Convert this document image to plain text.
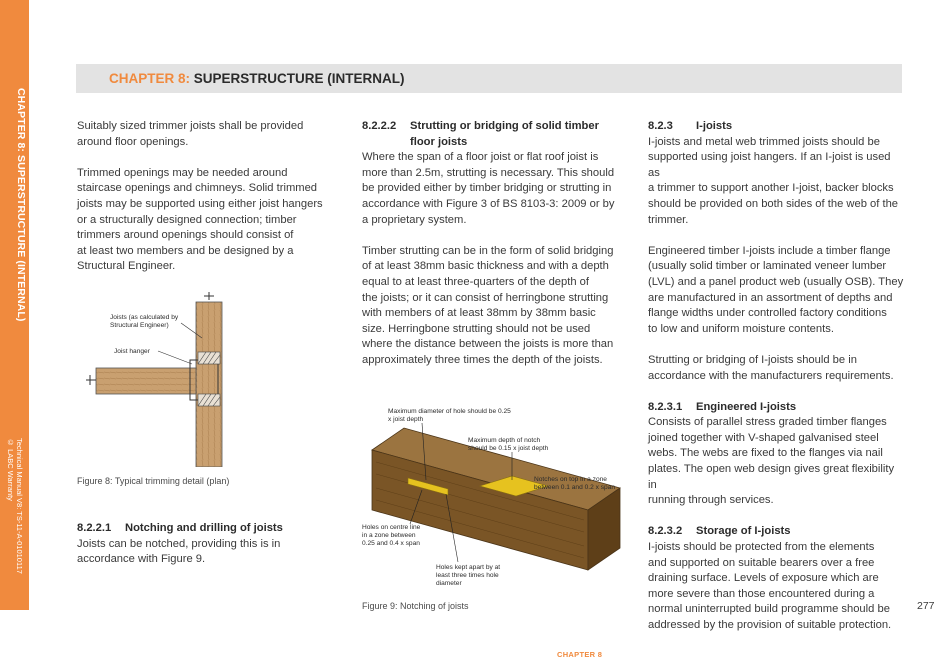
CHAPTER 8: SUPERSTRUCTURE (INTERNAL)
Technical Manual V8: TS-11-A-01010117
© LABC Warranty
CHAPTER 8: SUPERSTRUCTURE (INTERNAL)

Suitably sized trimmer joists shall be provided
around floor openings.

Trimmed openings may be needed around
staircase openings and chimneys. Solid trimmed
joists may be supported using either joist hangers
or a structurally designed connection; timber
trimmers around openings should consist of
at least two members and be designed by a
Structural Engineer.

Joists (as calculated by
Structural Engineer)
Joist hanger
Figure 8: Typical trimming detail (plan)

8.2.2.1 Notching and drilling of joists

Joists can be notched, providing this is in
accordance with Figure 9.

8.2.2.2 Strutting or bridging of solid timber

floor joists

Where the span of a floor joist or flat roof joist is
more than 2.5m, strutting is necessary. This should
be provided either by timber bridging or strutting in
accordance with Figure 3 of BS 8103-3: 2009 or by
a proprietary system.

Timber strutting can be in the form of solid bridging
of at least 38mm basic thickness and with a depth
equal to at least three-quarters of the depth of
the joists; or it can consist of herringbone strutting
with members of at least 38mm by 38mm basic
size. Herringbone strutting should not be used
where the distance between the joists is more than
approximately three times the depth of the joists.

Maximum diameter of hole should be 0.25
x joist depth
Maximum depth of notch
should be 0.15 x joist depth
Notches on top in a zone
between 0.1 and 0.2 x span
Holes on centre line
in a zone between
0.25 and 0.4 x span
Holes kept apart by at
least three times hole
diameter
Figure 9: Notching of joists

8.2.3 I-joists

I-joists and metal web trimmed joists should be
supported using joist hangers. If an I-joist is used as
a trimmer to support another I-joist, backer blocks
should be provided on both sides of the web of the
trimmer.

Engineered timber I-joists include a timber flange
(usually solid timber or laminated veneer lumber
(LVL) and a panel product web (usually OSB). They
are manufactured in an assortment of depths and
flange widths under controlled factory conditions
to low and uniform moisture contents.

Strutting or bridging of I-joists should be in
accordance with the manufacturers requirements.

8.2.3.1 Engineered I-joists

Consists of parallel stress graded timber flanges
joined together with V-shaped galvanised steel
webs. The webs are fixed to the flanges via nail
plates. The open web design gives great flexibility in
running through services.

8.2.3.2 Storage of I-joists

I-joists should be protected from the elements
and supported on suitable bearers over a free
draining surface. Levels of exposure which are
more severe than those encountered during a
normal uninterrupted build programme should be
addressed by the provision of suitable protection.

277
CHAPTER 8
